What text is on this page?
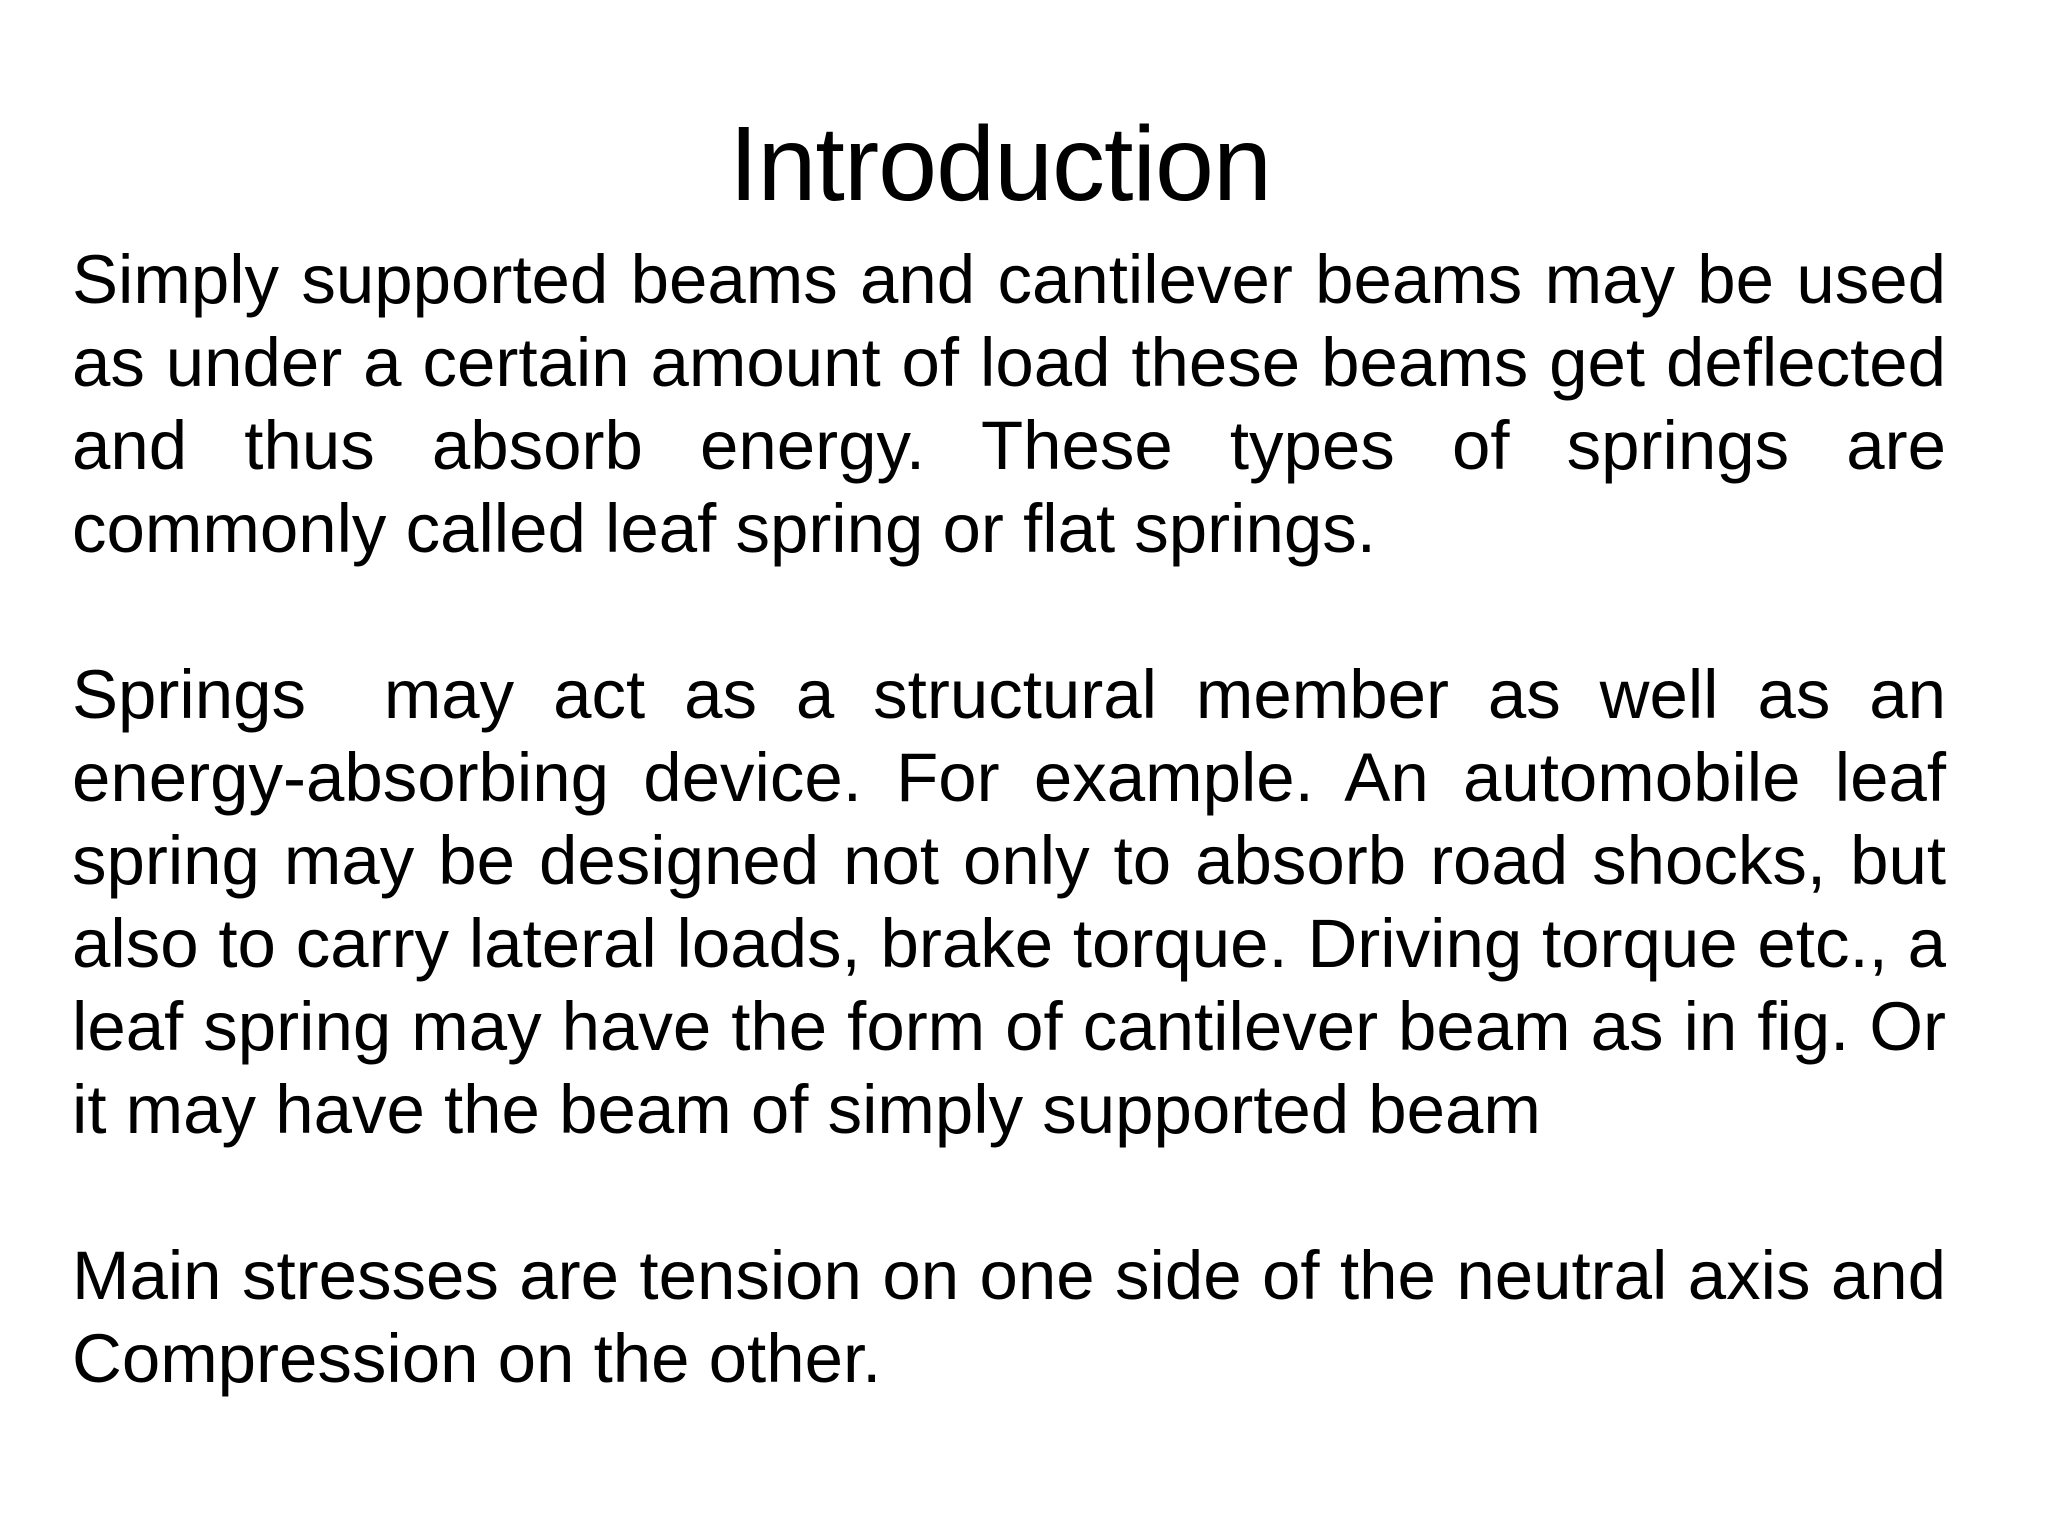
Introduction

Simply supported beams and cantilever beams may be used as under a certain amount of load these beams get deflected and thus absorb energy. These types of springs are commonly called leaf spring or flat springs.

Springs  may act as a structural member as well as an energy-absorbing device. For example. An automobile leaf spring may be designed not only to absorb road shocks, but also to carry lateral loads, brake torque. Driving torque etc., a leaf spring may have the form of cantilever beam as in fig. Or it may have the beam of simply supported beam

Main stresses are tension on one side of the neutral axis and Compression on the other.
